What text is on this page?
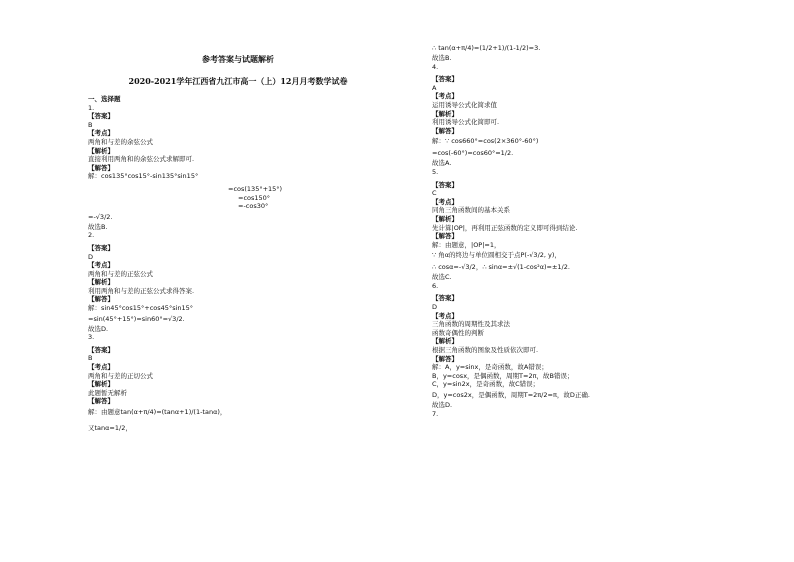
参考答案与试题解析
2020-2021学年江西省九江市高一（上）12月月考数学试卷
一、选择题
1.
【答案】
B
【考点】
两角和与差的余弦公式
【解析】
直接利用两角和的余弦公式求解即可.
【解答】
解：cos135°cos15°-sin135°sin15°
=cos(135°+15°)
=cos150°
=-cos30°
=-√3/2.
故选B.
2.
【答案】
D
【考点】
两角和与差的正弦公式
【解析】
利用两角和与差的正弦公式求得答案.
【解答】
解：sin45°cos15°+cos45°sin15°
=sin(45°+15°)=sin60°=√3/2.
故选D.
3.
【答案】
B
【考点】
两角和与差的正切公式
【解析】
此题暂无解析
【解答】
解：由题意tan(α+π/4)=(tanα+1)/(1-tanα)，
又tanα=1/2，
∴ tan(α+π/4)=(1/2+1)/(1-1/2)=3.
故选B.
4.
【答案】
A
【考点】
运用诱导公式化简求值
【解析】
利用诱导公式化简即可.
【解答】
解：∵ cos660°=cos(2×360°-60°)
=cos(-60°)=cos60°=1/2.
故选A.
5.
【答案】
C
【考点】
同角三角函数间的基本关系
【解析】
先计算|OP|，再利用正弦函数的定义即可得到结论.
【解答】
解：由题意，|OP|=1，
∵ 角α的终边与单位圆相交于点P(-√3/2, y)，
∴ cosα=-√3/2，∴ sinα=±√(1-cos²α)=±1/2.
故选C.
6.
【答案】
D
【考点】
三角函数的周期性及其求法
函数奇偶性的判断
【解析】
根据三角函数的图象及性质依次即可.
【解答】
解：A，y=sinx，是奇函数，故A错误；
B，y=cosx，是偶函数，周期T=2π，故B错误；
C，y=sin2x，是奇函数，故C错误；
D，y=cos2x，是偶函数，周期T=2π/2=π，故D正确.
故选D.
7.
